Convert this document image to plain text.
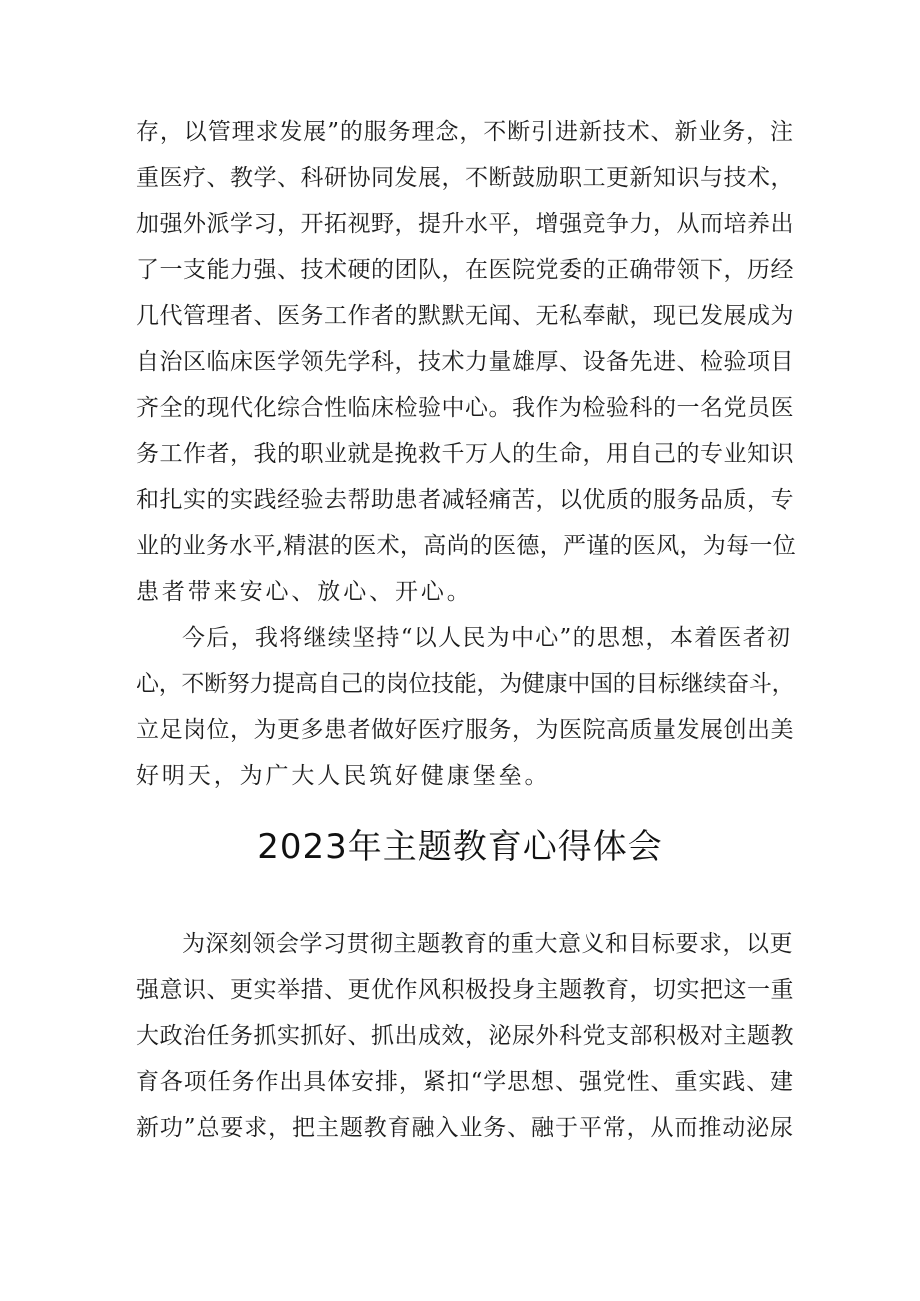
存，以管理求发展”的服务理念，不断引进新技术、新业务，注

重医疗、教学、科研协同发展，不断鼓励职工更新知识与技术，

加强外派学习，开拓视野，提升水平，增强竞争力，从而培养出

了一支能力强、技术硬的团队，在医院党委的正确带领下，历经

几代管理者、医务工作者的默默无闻、无私奉献，现已发展成为

自治区临床医学领先学科，技术力量雄厚、设备先进、检验项目

齐全的现代化综合性临床检验中心。我作为检验科的一名党员医

务工作者，我的职业就是挽救千万人的生命，用自己的专业知识

和扎实的实践经验去帮助患者减轻痛苦，以优质的服务品质，专

业的业务水平,精湛的医术，高尚的医德，严谨的医风，为每一位

患者带来安心、放心、开心。

今后，我将继续坚持“以人民为中心”的思想，本着医者初

心，不断努力提高自己的岗位技能，为健康中国的目标继续奋斗，

立足岗位，为更多患者做好医疗服务，为医院高质量发展创出美

好明天，为广大人民筑好健康堡垒。

2023年主题教育心得体会

为深刻领会学习贯彻主题教育的重大意义和目标要求，以更

强意识、更实举措、更优作风积极投身主题教育，切实把这一重

大政治任务抓实抓好、抓出成效，泌尿外科党支部积极对主题教

育各项任务作出具体安排，紧扣“学思想、强党性、重实践、建

新功”总要求，把主题教育融入业务、融于平常，从而推动泌尿
